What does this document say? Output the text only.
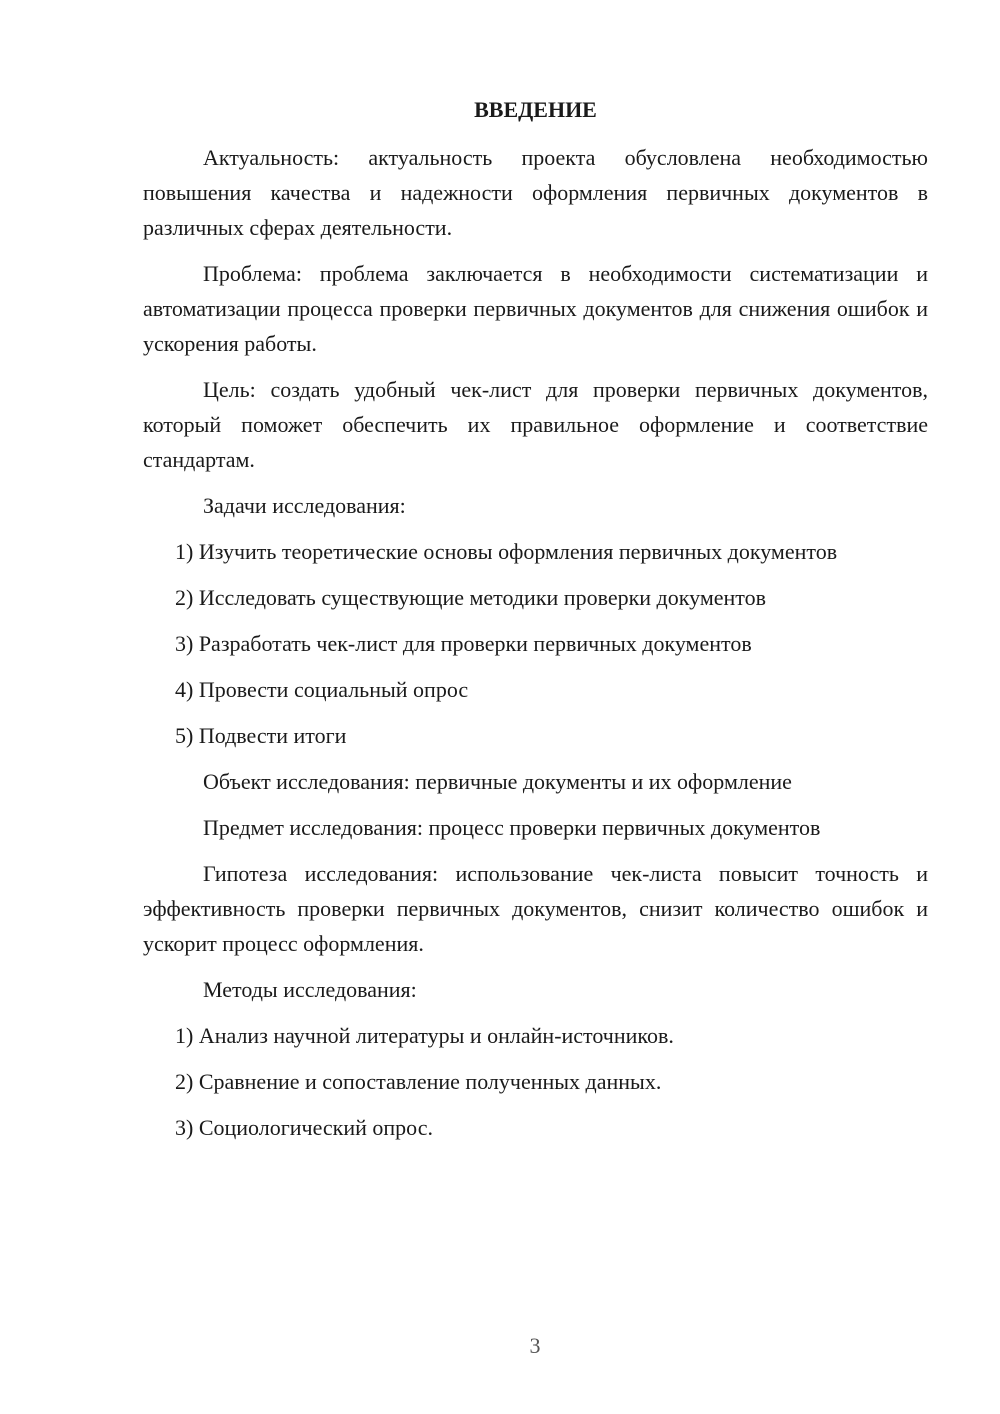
ВВЕДЕНИЕ

Актуальность: актуальность проекта обусловлена необходимостью повышения качества и надежности оформления первичных документов в различных сферах деятельности.

Проблема: проблема заключается в необходимости систематизации и автоматизации процесса проверки первичных документов для снижения ошибок и ускорения работы.

Цель: создать удобный чек-лист для проверки первичных документов, который поможет обеспечить их правильное оформление и соответствие стандартам.

Задачи исследования:
1) Изучить теоретические основы оформления первичных документов
2) Исследовать существующие методики проверки документов
3) Разработать чек-лист для проверки первичных документов
4) Провести социальный опрос
5) Подвести итоги
Объект исследования: первичные документы и их оформление
Предмет исследования: процесс проверки первичных документов

Гипотеза исследования: использование чек-листа повысит точность и эффективность проверки первичных документов, снизит количество ошибок и ускорит процесс оформления.

Методы исследования:
1) Анализ научной литературы и онлайн-источников.
2) Сравнение и сопоставление полученных данных.
3) Социологический опрос.
3
